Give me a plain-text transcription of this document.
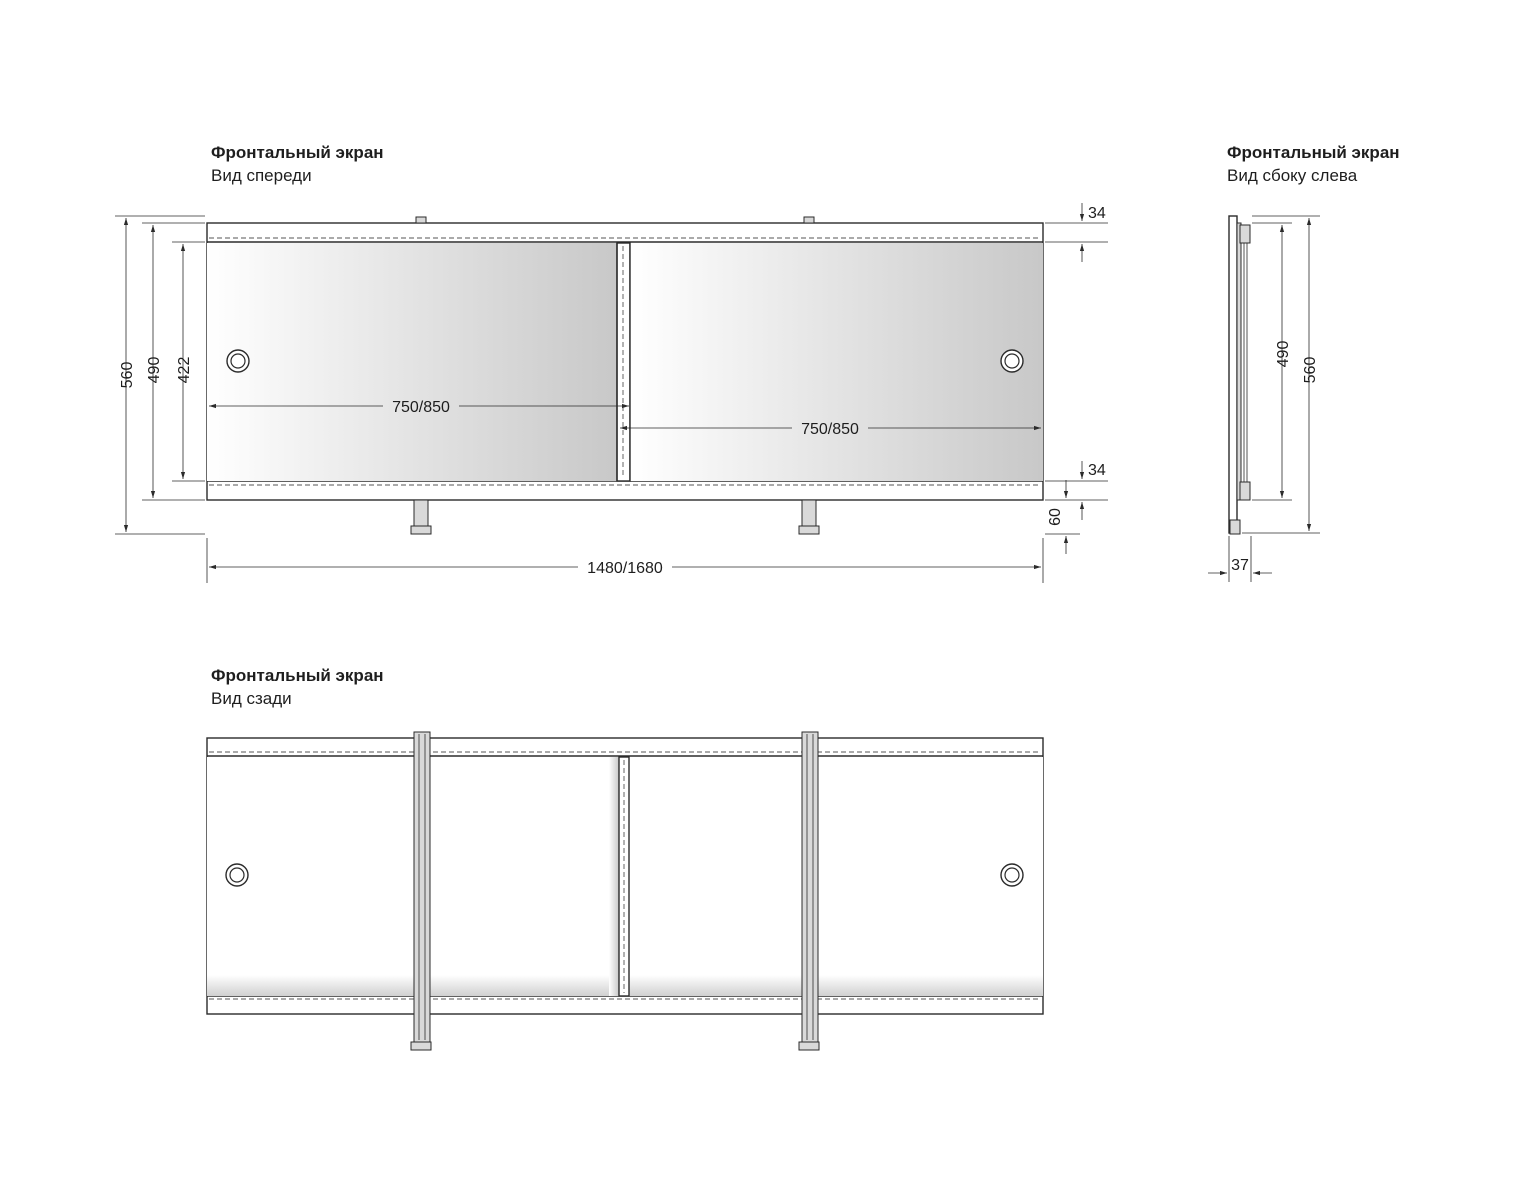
Фронтальный экран
Вид спереди
560 490 422
750/850
750/850
34
34
60
1480/1680
Фронтальный экран
Вид сбоку слева
490
560
37
Фронтальный экран
Вид сзади
